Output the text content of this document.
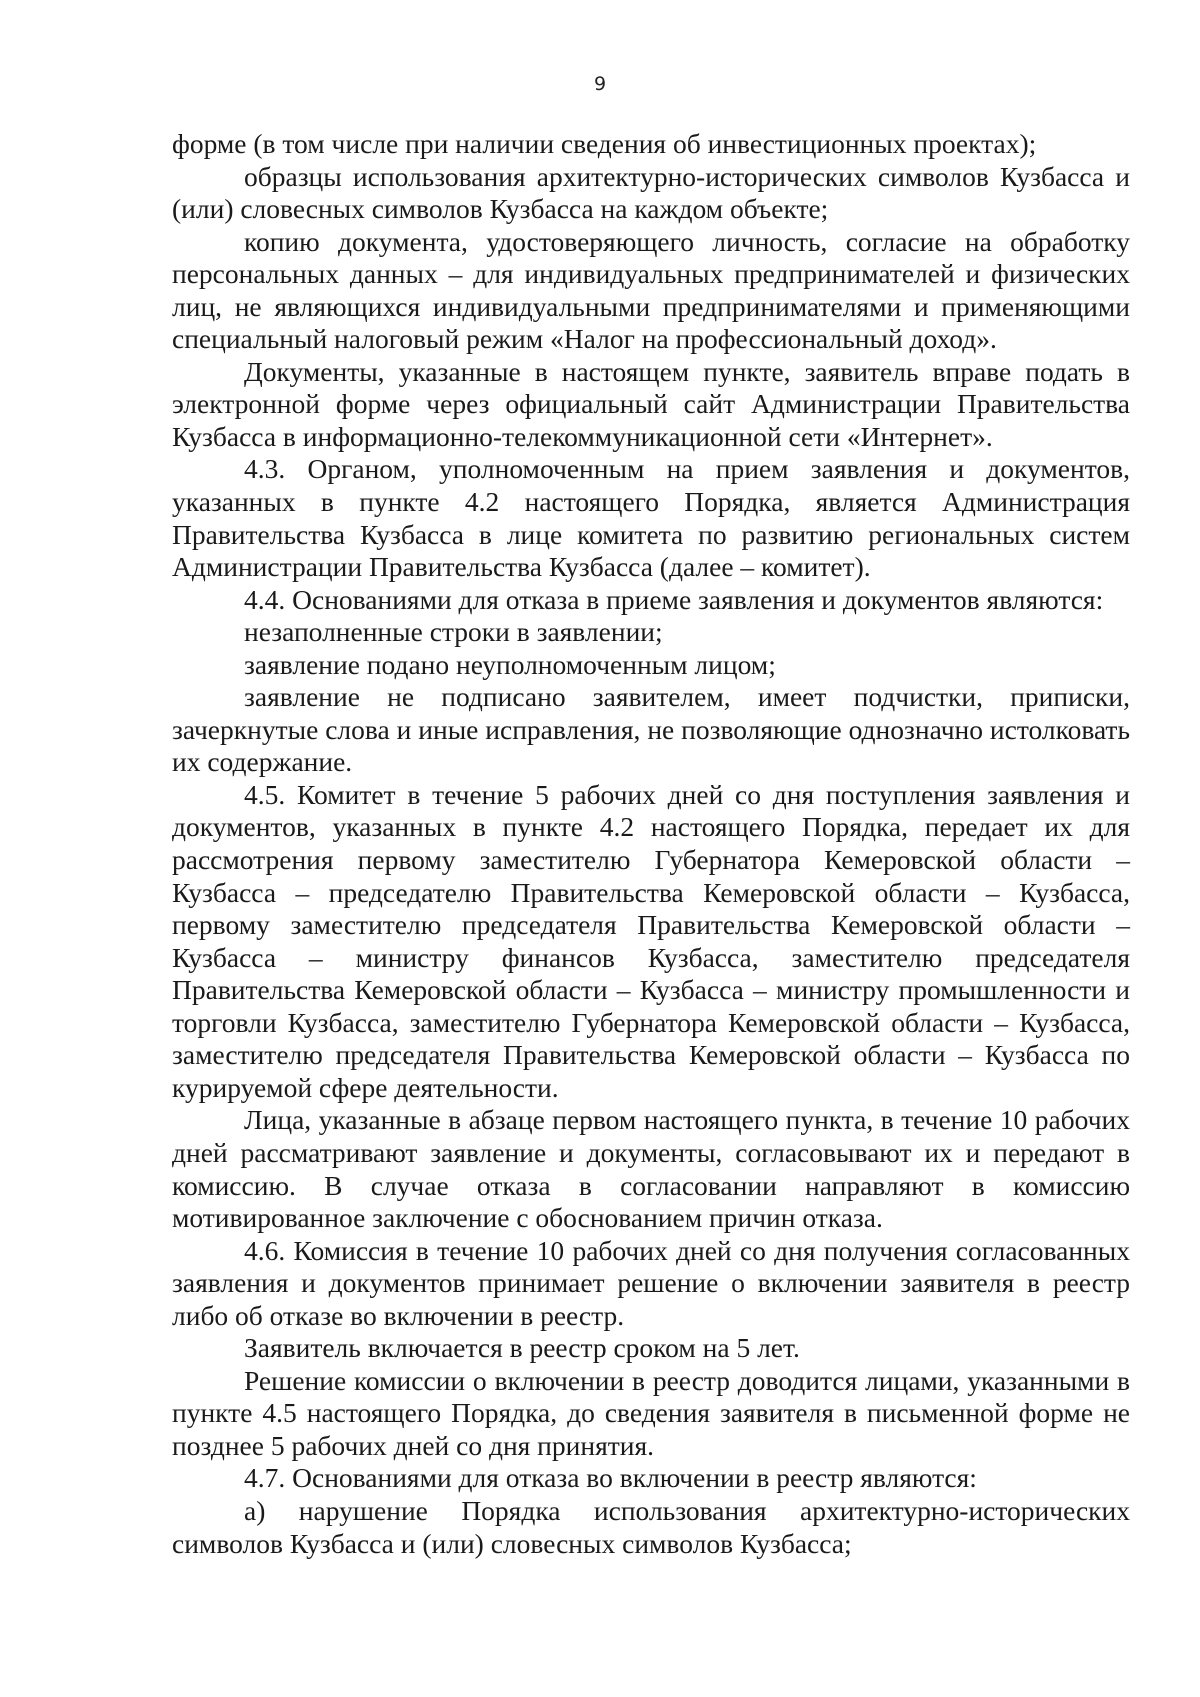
9

форме (в том числе при наличии сведения об инвестиционных проектах);

образцы использования архитектурно-исторических символов Кузбасса и (или) словесных символов Кузбасса на каждом объекте;

копию документа, удостоверяющего личность, согласие на обработку персональных данных – для индивидуальных предпринимателей и физических лиц, не являющихся индивидуальными предпринимателями и применяющими специальный налоговый режим «Налог на профессиональный доход».

Документы, указанные в настоящем пункте, заявитель вправе подать в электронной форме через официальный сайт Администрации Правительства Кузбасса в информационно-телекоммуникационной сети «Интернет».

4.3. Органом, уполномоченным на прием заявления и документов, указанных в пункте 4.2 настоящего Порядка, является Администрация Правительства Кузбасса в лице комитета по развитию региональных систем Администрации Правительства Кузбасса (далее – комитет).

4.4. Основаниями для отказа в приеме заявления и документов являются:

незаполненные строки в заявлении;

заявление подано неуполномоченным лицом;

заявление не подписано заявителем, имеет подчистки, приписки, зачеркнутые слова и иные исправления, не позволяющие однозначно истолковать их содержание.

4.5. Комитет в течение 5 рабочих дней со дня поступления заявления и документов, указанных в пункте 4.2 настоящего Порядка, передает их для рассмотрения первому заместителю Губернатора Кемеровской области – Кузбасса – председателю Правительства Кемеровской области – Кузбасса, первому заместителю председателя Правительства Кемеровской области – Кузбасса – министру финансов Кузбасса, заместителю председателя Правительства Кемеровской области – Кузбасса – министру промышленности и торговли Кузбасса, заместителю Губернатора Кемеровской области – Кузбасса, заместителю председателя Правительства Кемеровской области – Кузбасса по курируемой сфере деятельности.

Лица, указанные в абзаце первом настоящего пункта, в течение 10 рабочих дней рассматривают заявление и документы, согласовывают их и передают в комиссию. В случае отказа в согласовании направляют в комиссию мотивированное заключение с обоснованием причин отказа.

4.6. Комиссия в течение 10 рабочих дней со дня получения согласованных заявления и документов принимает решение о включении заявителя в реестр либо об отказе во включении в реестр.

Заявитель включается в реестр сроком на 5 лет.

Решение комиссии о включении в реестр доводится лицами, указанными в пункте 4.5 настоящего Порядка, до сведения заявителя в письменной форме не позднее 5 рабочих дней со дня принятия.

4.7. Основаниями для отказа во включении в реестр являются:

а) нарушение Порядка использования архитектурно-исторических символов Кузбасса и (или) словесных символов Кузбасса;
